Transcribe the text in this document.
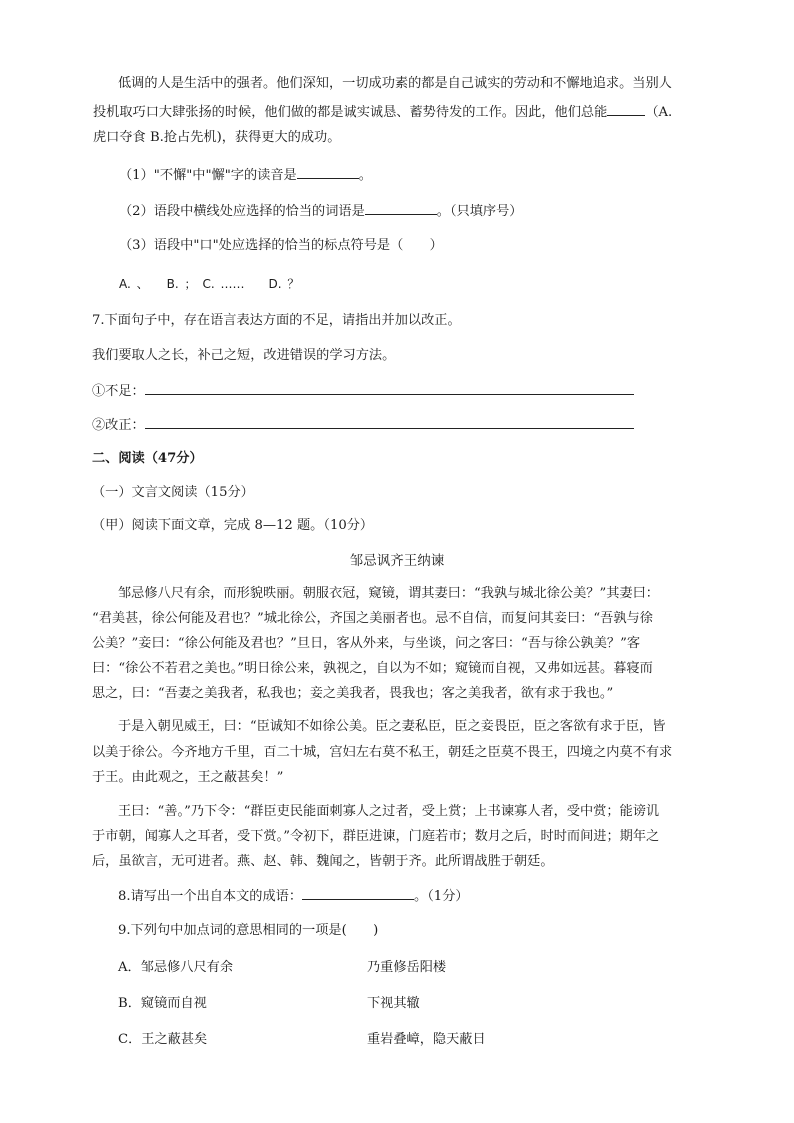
低调的人是生活中的强者。他们深知，一切成功素的都是自己诚实的劳动和不懈地追求。当别人
投机取巧口大肆张扬的时候，他们做的都是诚实诚恳、蓄势待发的工作。因此，他们总能	（A.
虎口夺食 B.抢占先机)，获得更大的成功。
（1）"不懈"中"懈"字的读音是	。
（2）语段中横线处应选择的恰当的词语是	。（只填序号）
（3）语段中"口"处应选择的恰当的标点符号是（　　）
A. 、　　B. ；　C. ……　　D. ？
7.下面句子中，存在语言表达方面的不足，请指出并加以改正。
我们要取人之长，补己之短，改进错误的学习方法。
①不足：
②改正：
二、阅读（47分）
（一）文言文阅读（15分）
（甲）阅读下面文章，完成 8—12 题。（10分）
邹忌讽齐王纳谏
邹忌修八尺有余，而形貌昳丽。朝服衣冠，窥镜，谓其妻曰：“我孰与城北徐公美？”其妻曰：
“君美甚，徐公何能及君也？”城北徐公，齐国之美丽者也。忌不自信，而复问其妾曰：“吾孰与徐
公美？”妾曰：“徐公何能及君也？”旦日，客从外来，与坐谈，问之客曰：“吾与徐公孰美？”客
曰：“徐公不若君之美也。”明日徐公来，孰视之，自以为不如；窥镜而自视，又弗如远甚。暮寝而
思之，曰：“吾妻之美我者，私我也；妾之美我者，畏我也；客之美我者，欲有求于我也。”
于是入朝见威王，曰：“臣诚知不如徐公美。臣之妻私臣，臣之妾畏臣，臣之客欲有求于臣，皆
以美于徐公。今齐地方千里，百二十城，宫妇左右莫不私王，朝廷之臣莫不畏王，四境之内莫不有求
于王。由此观之，王之蔽甚矣！”
王曰：“善。”乃下令：“群臣吏民能面刺寡人之过者，受上赏；上书谏寡人者，受中赏；能谤讥
于市朝，闻寡人之耳者，受下赏。”令初下，群臣进谏，门庭若市；数月之后，时时而间进；期年之
后，虽欲言，无可进者。燕、赵、韩、魏闻之，皆朝于齐。此所谓战胜于朝廷。
8.请写出一个出自本文的成语：	。（1分）
9.下列句中加点词的意思相同的一项是(　　)
A．邹忌修八尺有余	乃重修岳阳楼
B．窥镜而自视	下视其辙
C．王之蔽甚矣	重岩叠嶂，隐天蔽日
